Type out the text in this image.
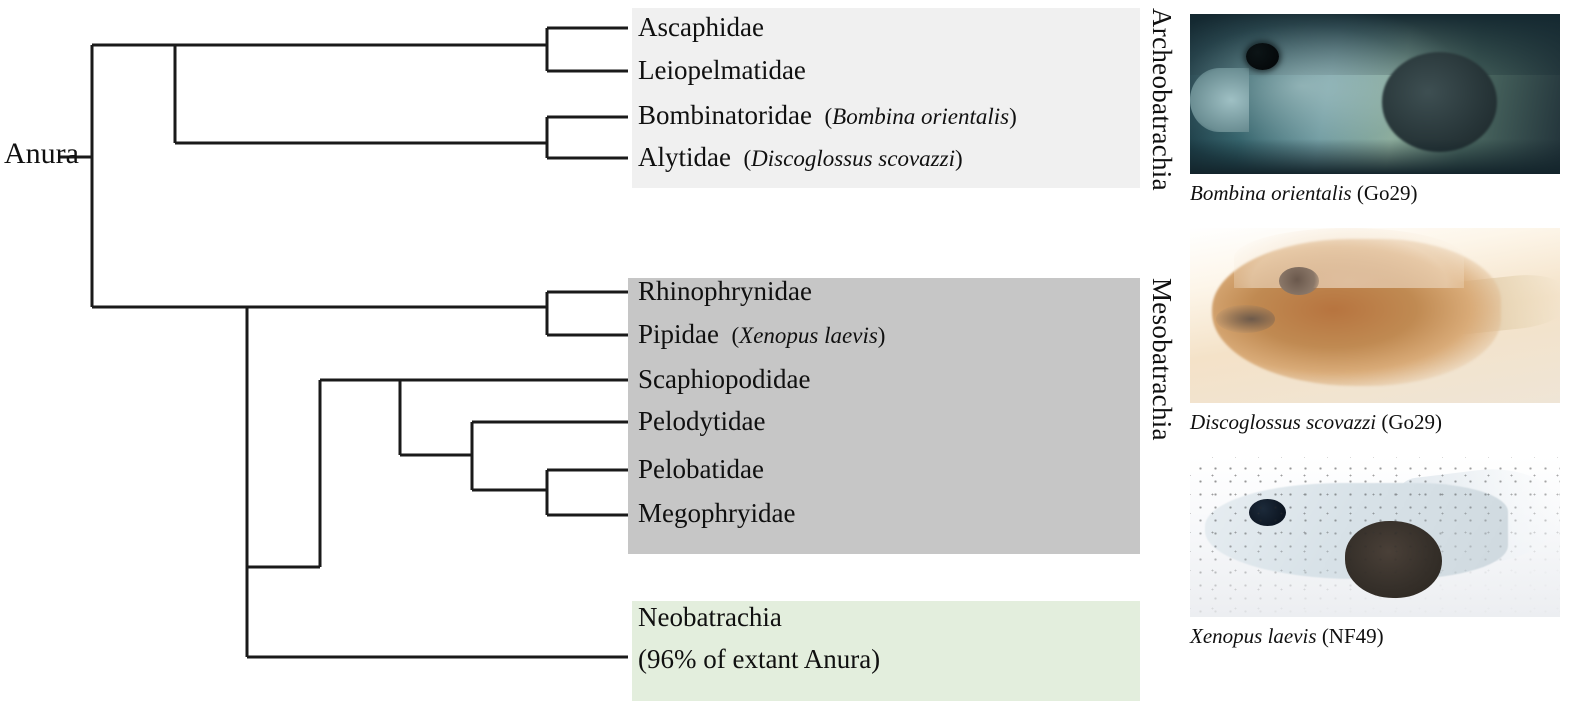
Anura
Ascaphidae
Leiopelmatidae
Bombinatoridae  (Bombina orientalis)
Alytidae  (Discoglossus scovazzi)
Rhinophrynidae
Pipidae  (Xenopus laevis)
Scaphiopodidae
Pelodytidae
Pelobatidae
Megophryidae
Neobatrachia
(96% of extant Anura)
Archeobatrachia
Mesobatrachia
Bombina orientalis (Go29)
Discoglossus scovazzi (Go29)
Xenopus laevis (NF49)
